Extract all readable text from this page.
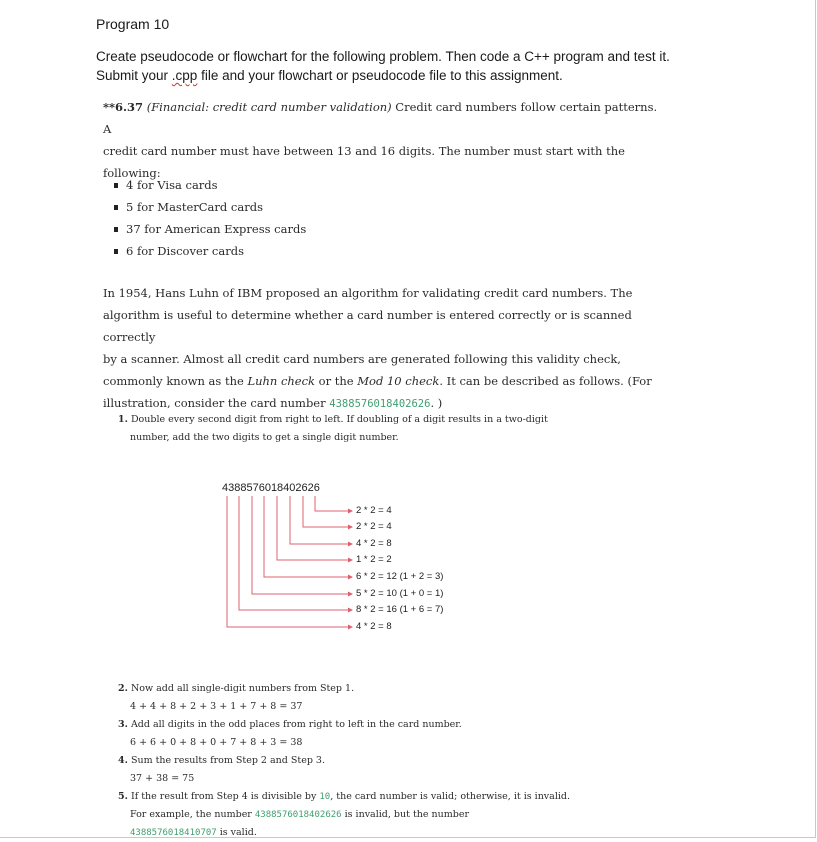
Program 10
Create pseudocode or flowchart for the following problem. Then code a C++ program and test it.
Submit your .cpp file and your flowchart or pseudocode file to this assignment.

**6.37 (Financial: credit card number validation) Credit card numbers follow certain patterns. A
credit card number must have between 13 and 16 digits. The number must start with the
following:

4 for Visa cards
5 for MasterCard cards
37 for American Express cards
6 for Discover cards

In 1954, Hans Luhn of IBM proposed an algorithm for validating credit card numbers. The
algorithm is useful to determine whether a card number is entered correctly or is scanned correctly
by a scanner. Almost all credit card numbers are generated following this validity check,
commonly known as the Luhn check or the Mod 10 check. It can be described as follows. (For
illustration, consider the card number 4388576018402626. )

1. Double every second digit from right to left. If doubling of a digit results in a two-digit
number, add the two digits to get a single digit number.
4388576018402626
2 * 2 = 4
2 * 2 = 4
4 * 2 = 8
1 * 2 = 2
6 * 2 = 12 (1 + 2 = 3)
5 * 2 = 10 (1 + 0 = 1)
8 * 2 = 16 (1 + 6 = 7)
4 * 2 = 8
2. Now add all single-digit numbers from Step 1.
4 + 4 + 8 + 2 + 3 + 1 + 7 + 8 = 37
3. Add all digits in the odd places from right to left in the card number.
6 + 6 + 0 + 8 + 0 + 7 + 8 + 3 = 38
4. Sum the results from Step 2 and Step 3.
37 + 38 = 75
5. If the result from Step 4 is divisible by 10, the card number is valid; otherwise, it is invalid.
For example, the number 4388576018402626 is invalid, but the number
4388576018410707 is valid.
